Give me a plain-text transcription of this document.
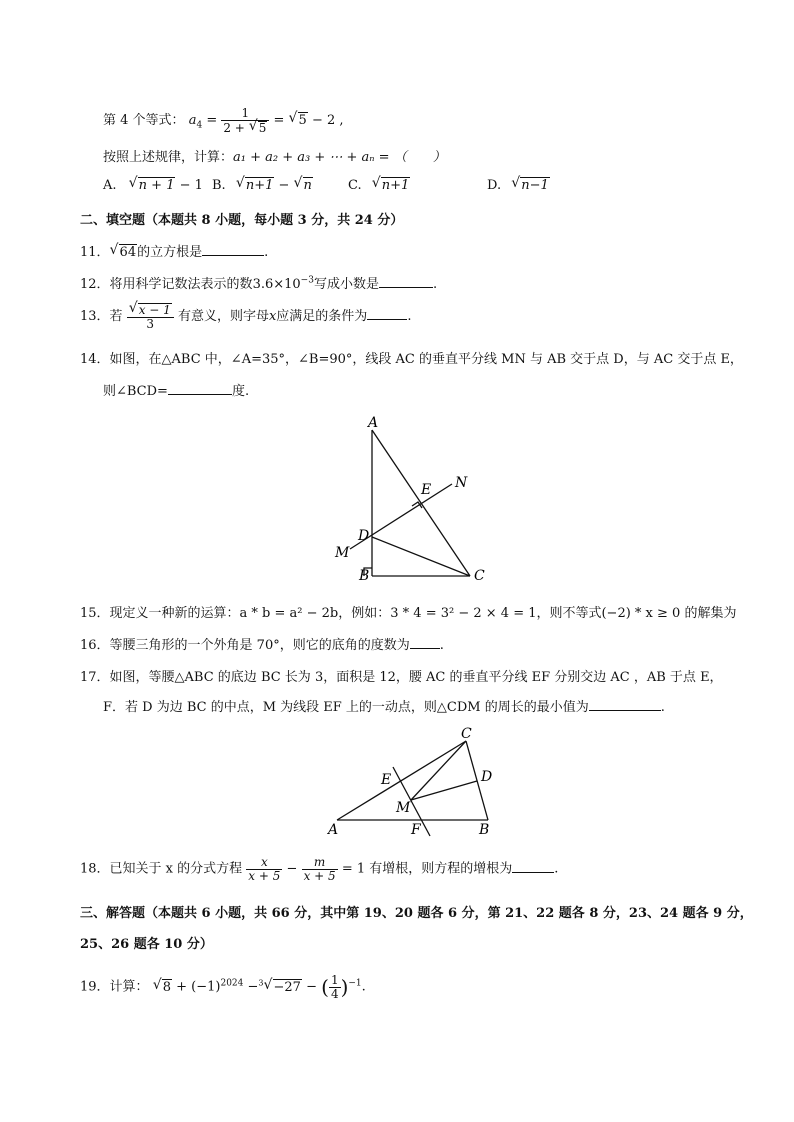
第 4 个等式： $a_4 = \frac{1}{2 + √ 5}$ = √ 5 − 2 ,
按照上述规律，计算：a₁ + a₂ + a₃ + ⋯ + aₙ = （　　）
A. √ n + 1 − 1 B. √ n+1 − √ n	C. √ n+1	D. √ n−1
二、填空题（本题共 8 小题，每小题 3 分，共 24 分）
11．√ 64的立方根是	.
12．将用科学记数法表示的数$3.6\times 10^{-3}$写成小数是	.
13．若
√ $\frac{x - 1}{3}$ 有意义，则字母x应满足的条件为	.
14．如图，在△ABC 中，∠A=35°，∠B=90°，线段 AC 的垂直平分线 MN 与 AB 交于点 D，与 AC 交于点 E，
则∠BCD=	度.
A
B	C
D
E
M
N
15．现定义一种新的运算：a * b = a² − 2b，例如：3 * 4 = 3² − 2 × 4 = 1，则不等式(−2) * x ≥ 0 的解集为
16．等腰三角形的一个外角是 70°，则它的底角的度数为 .
17．如图，等腰△ABC 的底边 BC 长为 3，面积是 12，腰 AC 的垂直平分线 EF 分别交边 AC ，AB 于点 E，
F．若 D 为边 BC 的中点，M 为线段 EF 上的一动点，则△CDM 的周长的最小值为	.
C
D
E
M
A	F	B
18．已知关于 x 的分式方程 $\frac{x}{x + 5} - \frac{m}{x + 5} = 1$ 有增根，则方程的增根为	.
三、解答题（本题共 6 小题，共 66 分，其中第 19、20 题各 6 分，第 21、22 题各 8 分，23、24 题各 9 分，
25、26 题各 10 分）
19．计算： √ $8 + (-1)^{2024} -^3√ -27$ − ( $\frac{1}{4} )^{-1}$.
